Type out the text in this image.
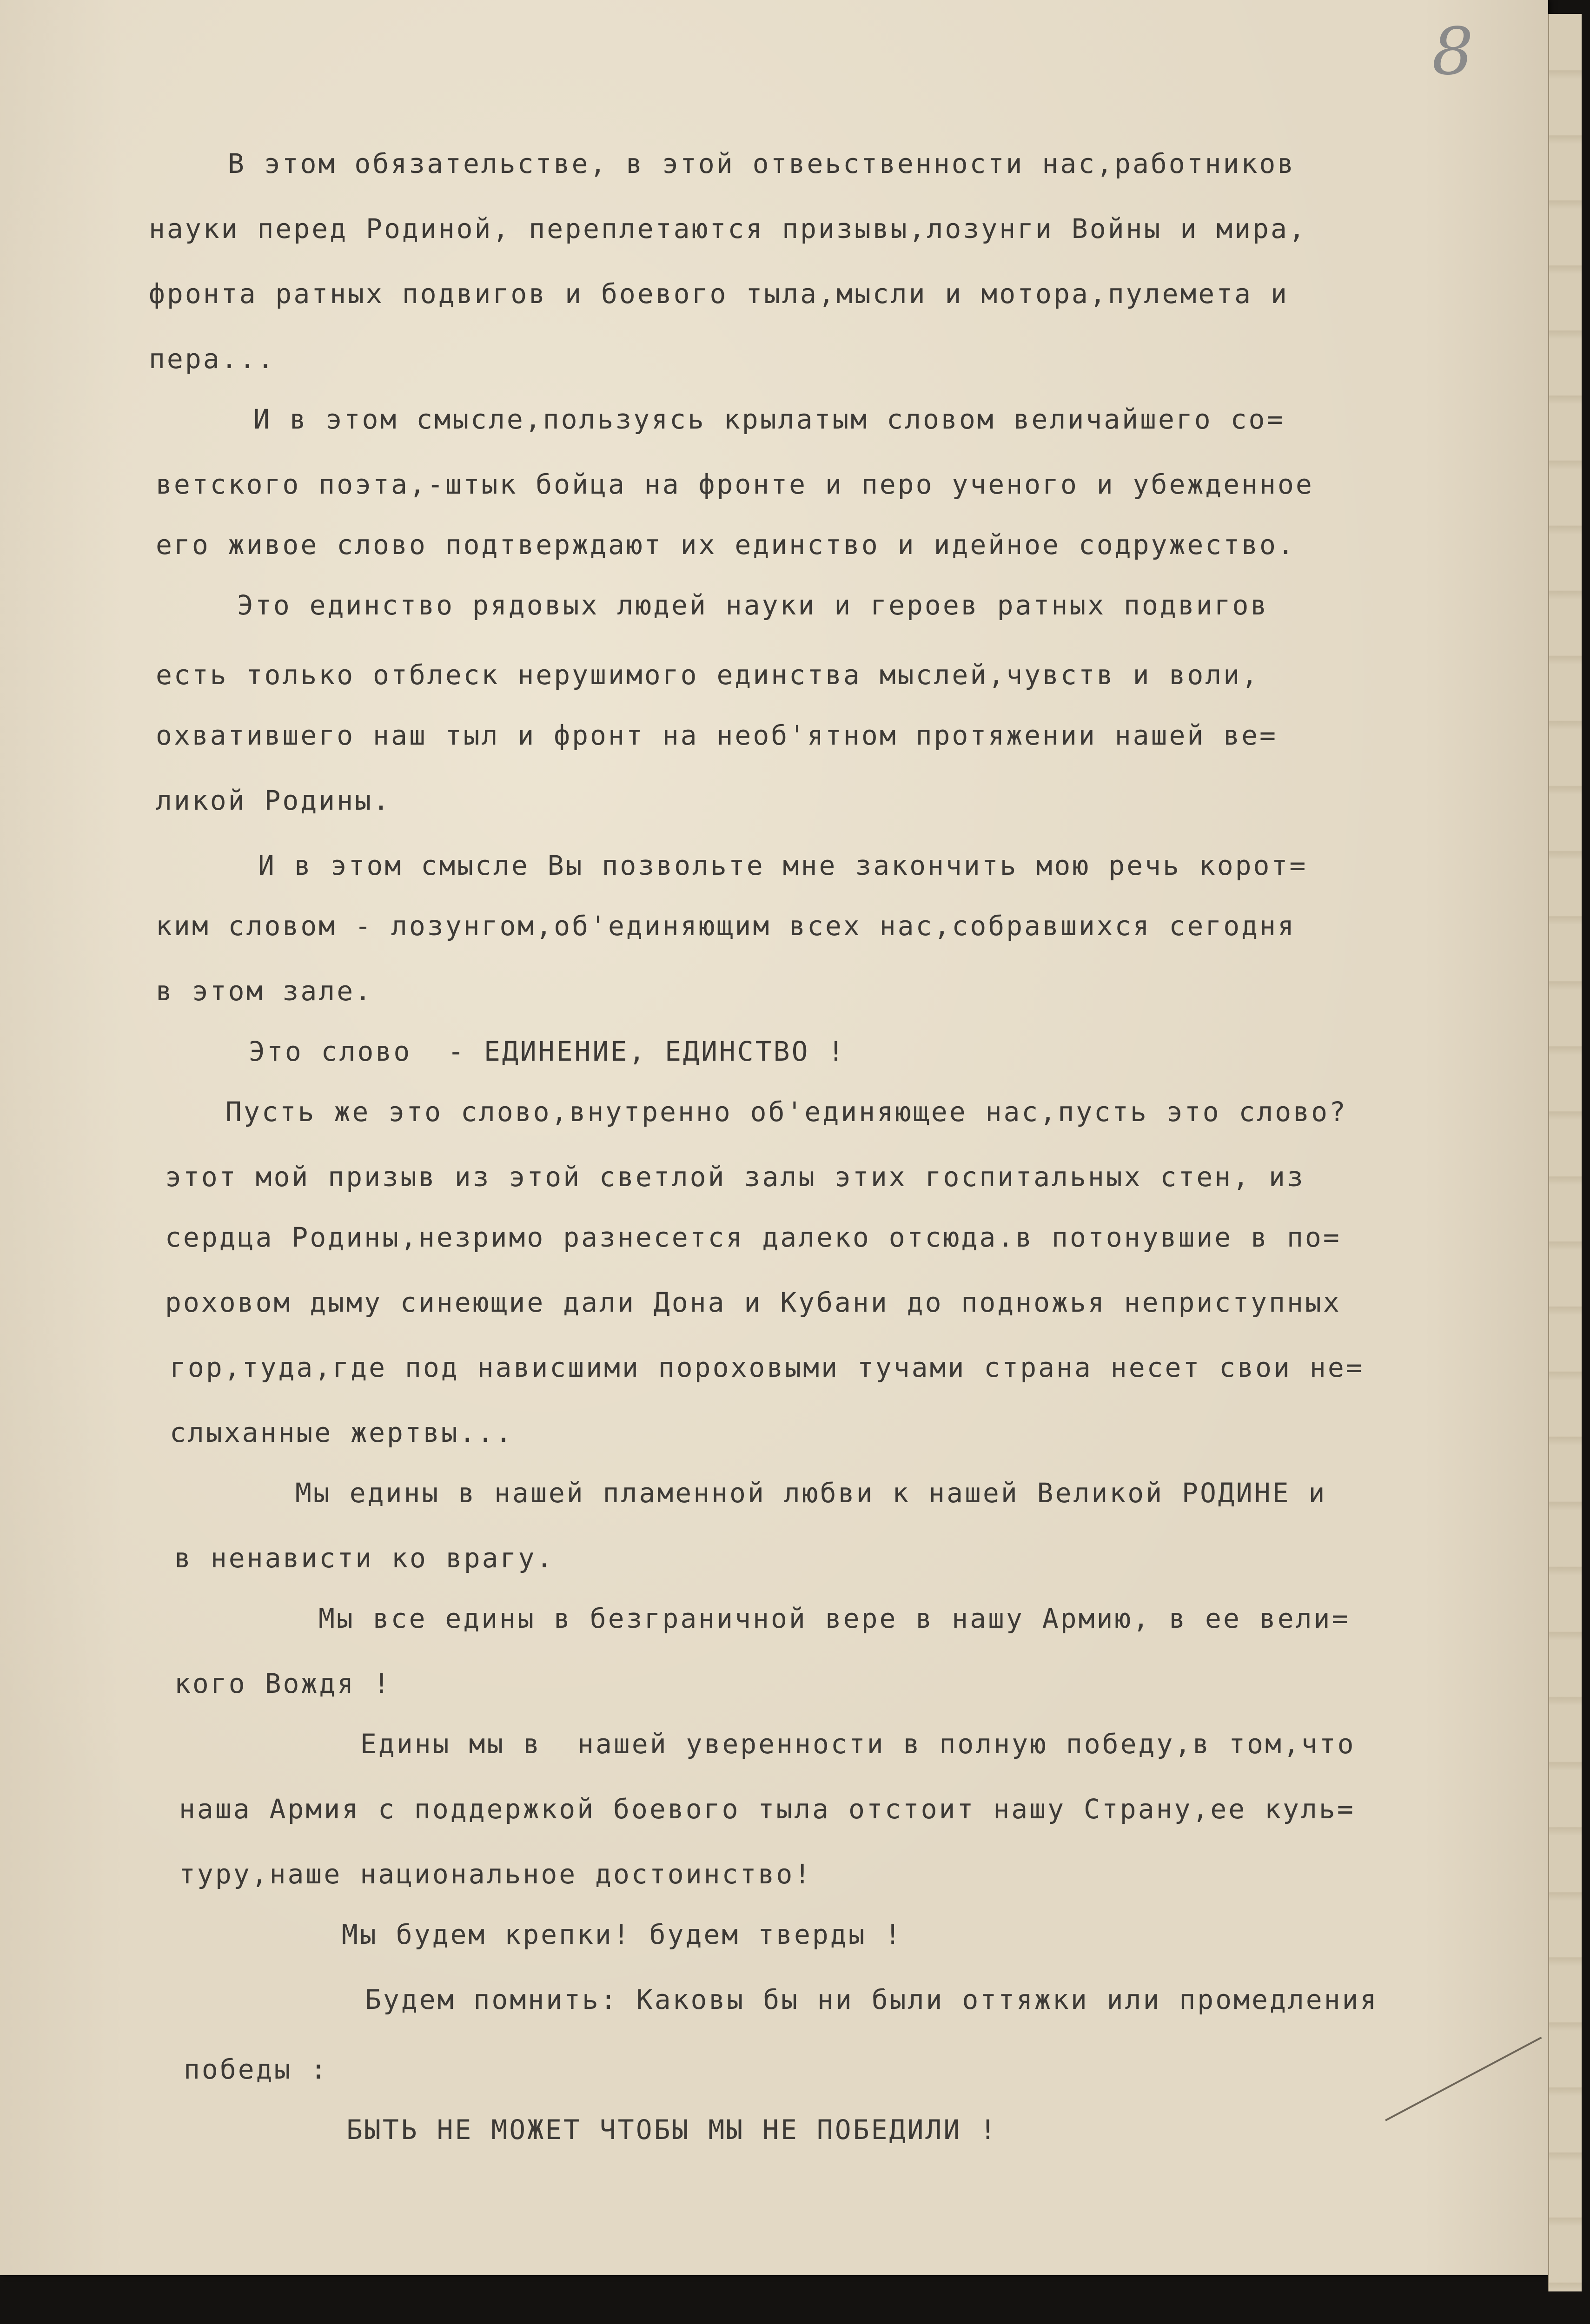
8

В этом обязательстве, в этой отвеьственности нас,работников

науки перед Родиной, переплетаются призывы,лозунги Войны и мира,

фронта ратных подвигов и боевого тыла,мысли и мотора,пулемета и

пера...

И в этом смысле,пользуясь крылатым словом величайшего со=

ветского поэта,-штык бойца на фронте и перо ученого и убежденное

его живое слово подтверждают их единство и идейное содружество.

Это единство рядовых людей науки и героев ратных подвигов

есть только отблеск нерушимого единства мыслей,чувств и воли,

охватившего наш тыл и фронт на необ'ятном протяжении нашей ве=

ликой Родины.

И в этом смысле Вы позвольте мне закончить мою речь корот=

ким словом - лозунгом,об'единяющим всех нас,собравшихся сегодня

в этом зале.

Это слово  - ЕДИНЕНИЕ, ЕДИНСТВО !

Пусть же это слово,внутренно об'единяющее нас,пусть это слово?

этот мой призыв из этой светлой залы этих госпитальных стен, из

сердца Родины,незримо разнесется далеко отсюда.в потонувшие в по=

роховом дыму синеющие дали Дона и Кубани до подножья неприступных

гор,туда,где под нависшими пороховыми тучами страна несет свои не=

слыханные жертвы...

Мы едины в нашей пламенной любви к нашей Великой РОДИНЕ и

в ненависти ко врагу.

Мы все едины в безграничной вере в нашу Армию, в ее вели=

кого Вождя !

Едины мы в  нашей уверенности в полную победу,в том,что

наша Армия с поддержкой боевого тыла отстоит нашу Страну,ее куль=

туру,наше национальное достоинство!

Мы будем крепки! будем тверды !

Будем помнить: Каковы бы ни были оттяжки или промедления

победы :

БЫТЬ НЕ МОЖЕТ ЧТОБЫ МЫ НЕ ПОБЕДИЛИ !
